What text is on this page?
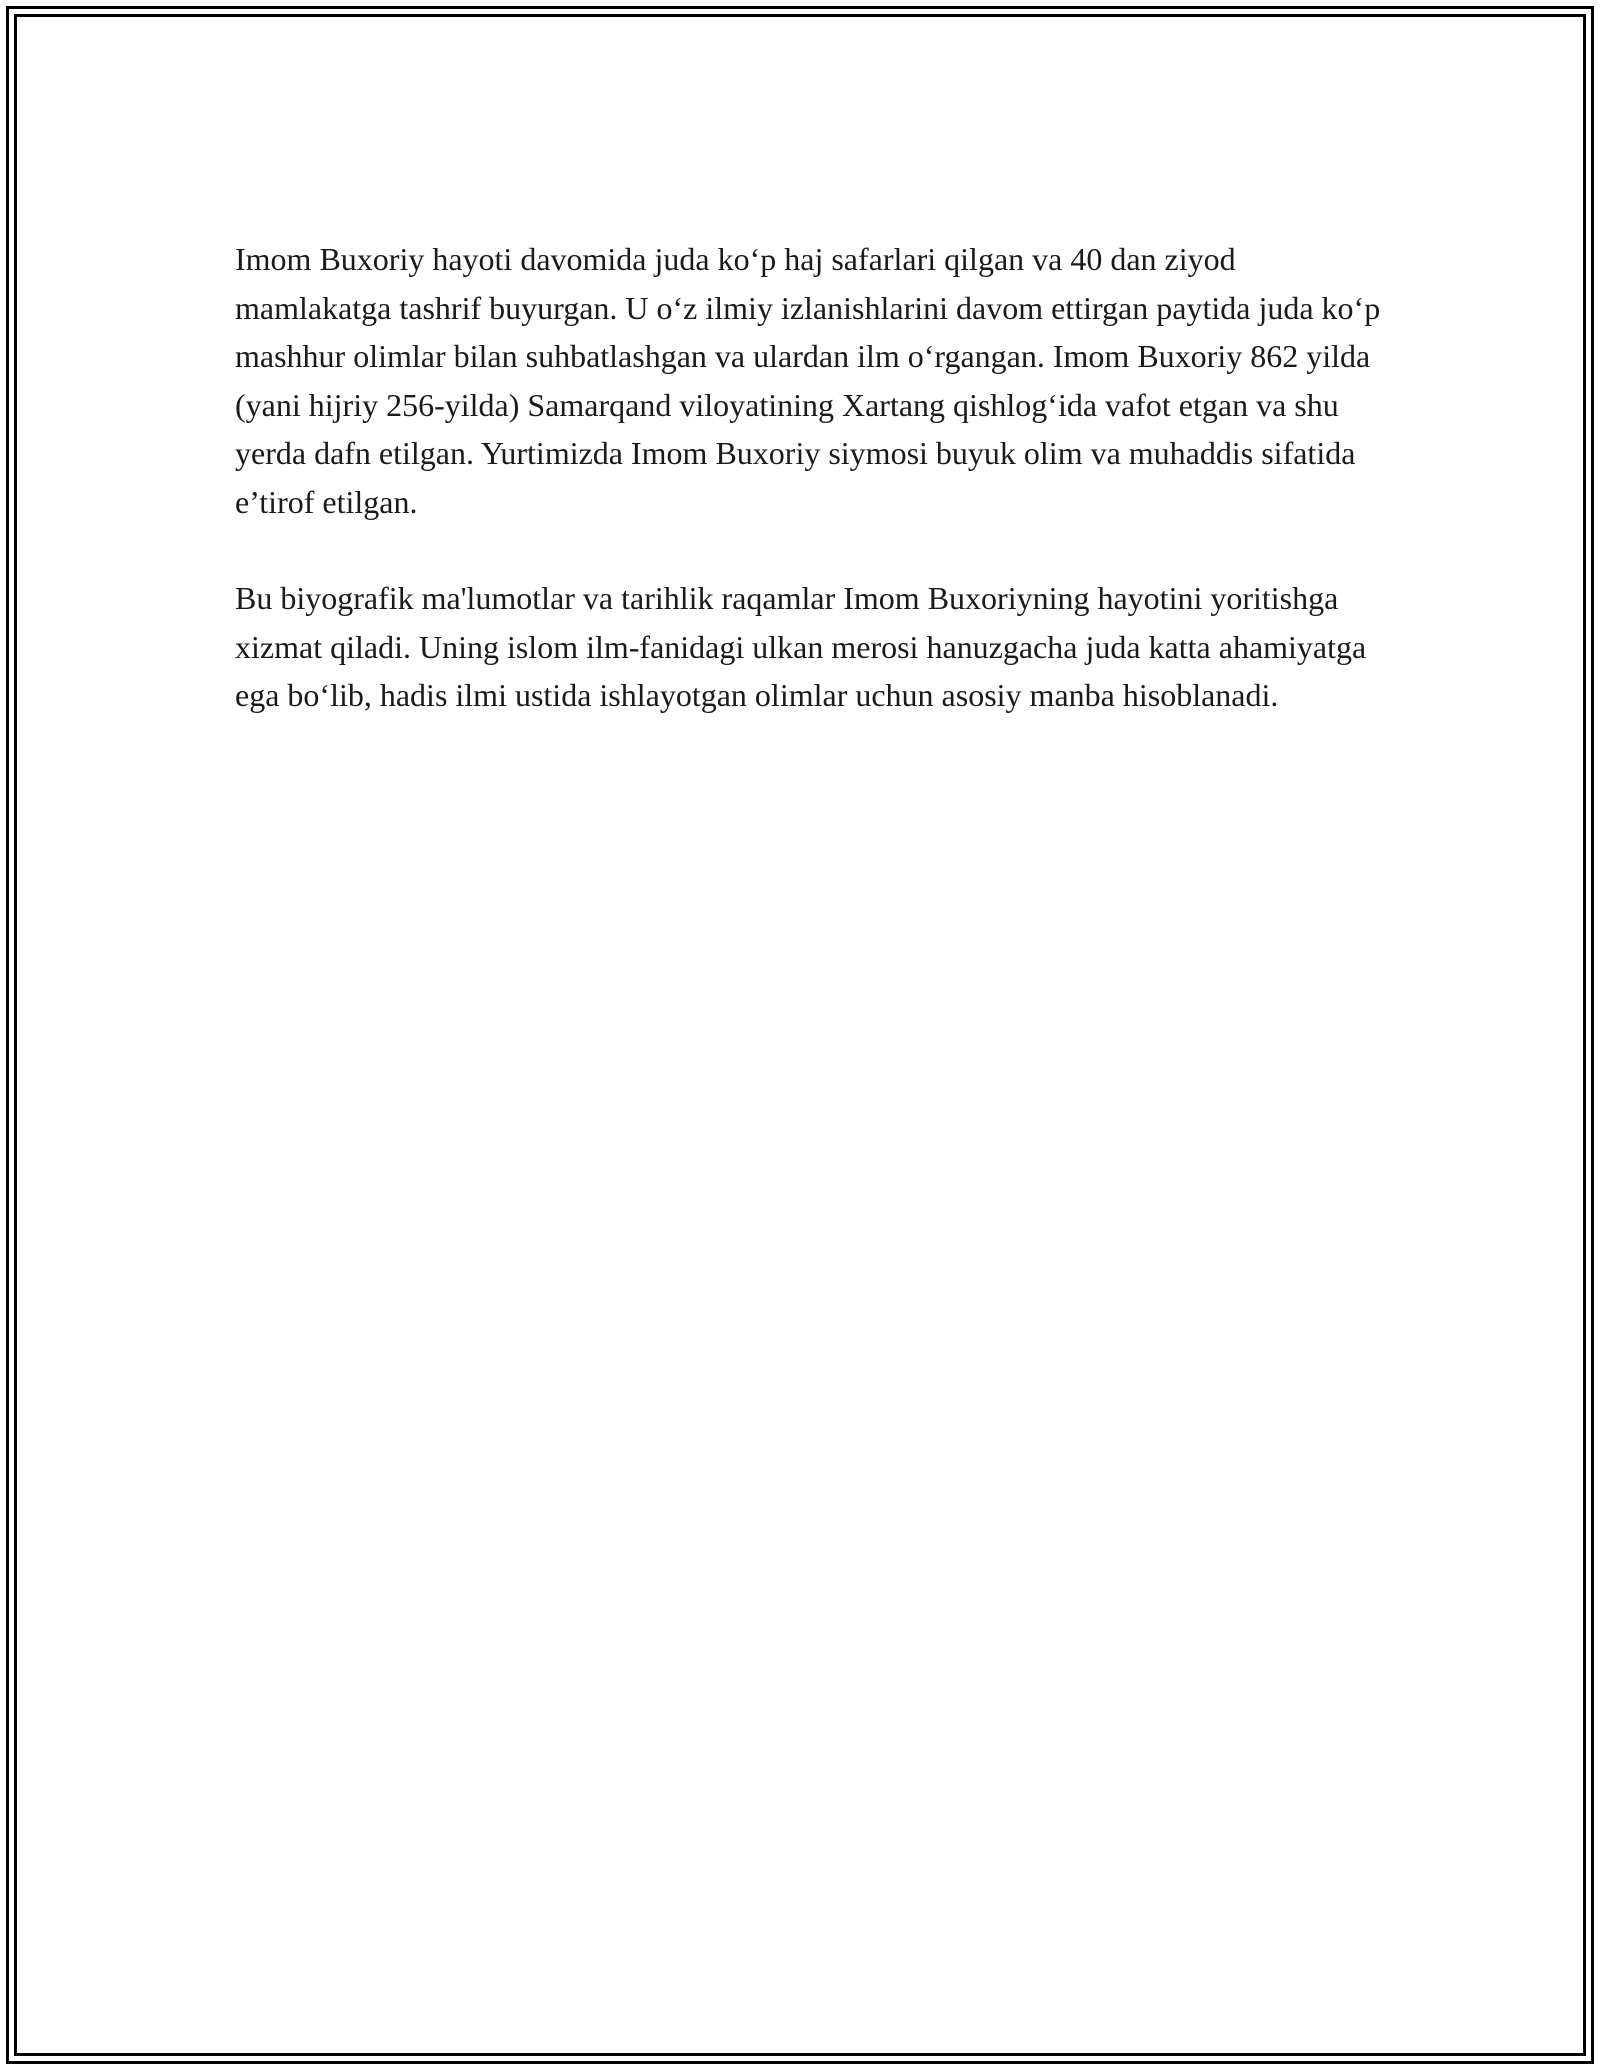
Imom Buxoriy hayoti davomida juda ko‘p haj safarlari qilgan va 40 dan ziyod mamlakatga tashrif buyurgan. U o‘z ilmiy izlanishlarini davom ettirgan paytida juda ko‘p mashhur olimlar bilan suhbatlashgan va ulardan ilm o‘rgangan. Imom Buxoriy 862 yilda (yani hijriy 256-yilda) Samarqand viloyatining Xartang qishlog‘ida vafot etgan va shu yerda dafn etilgan. Yurtimizda Imom Buxoriy siymosi buyuk olim va muhaddis sifatida e’tirof etilgan.

Bu biyografik ma'lumotlar va tarihlik raqamlar Imom Buxoriyning hayotini yoritishga xizmat qiladi. Uning islom ilm-fanidagi ulkan merosi hanuzgacha juda katta ahamiyatga ega bo‘lib, hadis ilmi ustida ishlayotgan olimlar uchun asosiy manba hisoblanadi.
